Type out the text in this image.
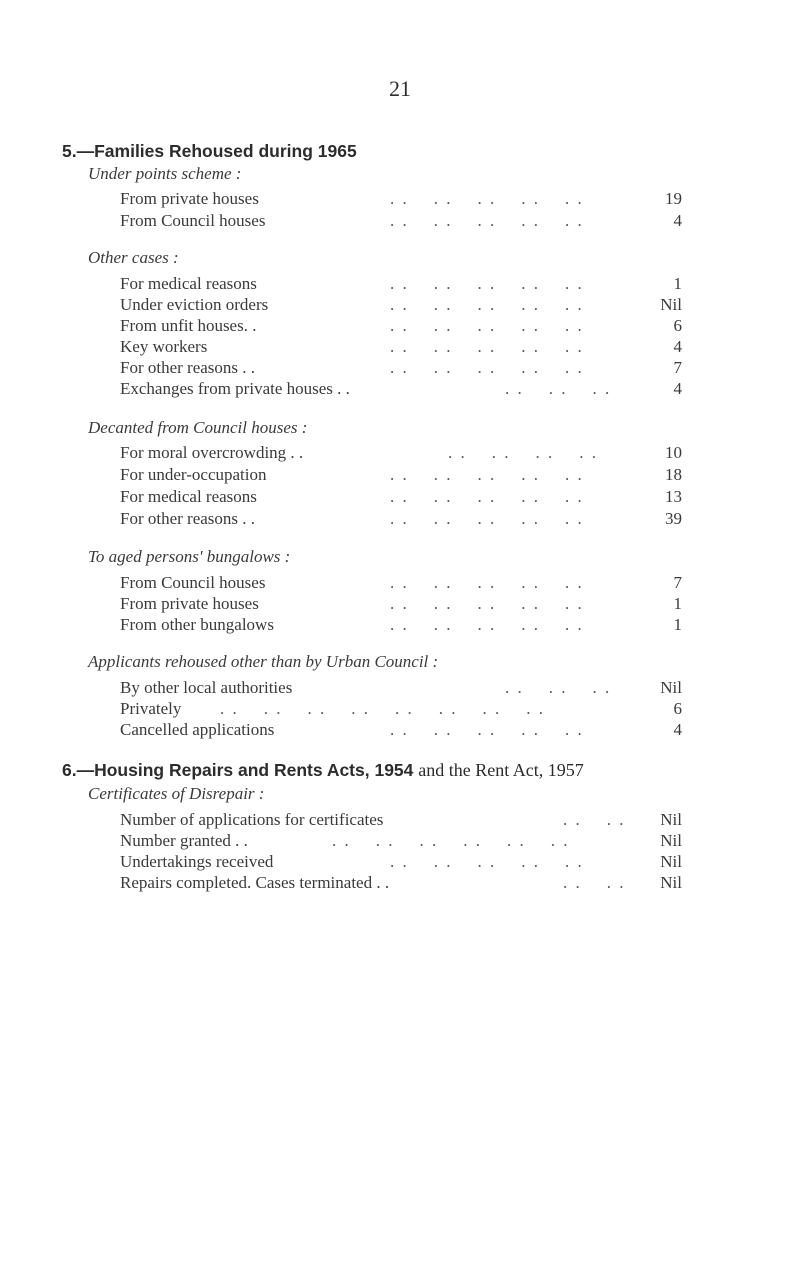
21
5.—Families Rehoused during 1965
Under points scheme :
From private houses	. .    . .    . .    . .    . .	19
From Council houses	. .    . .    . .    . .    . .	4
Other cases :
For medical reasons	. .    . .    . .    . .    . .	1
Under eviction orders	. .    . .    . .    . .    . .	Nil
From unfit houses. .	. .    . .    . .    . .    . .	6
Key workers	. .    . .    . .    . .    . .	4
For other reasons . .	. .    . .    . .    . .    . .	7
Exchanges from private houses . .	. .    . .    . .	4
Decanted from Council houses :
For moral overcrowding . .	. .    . .    . .    . .	10
For under-occupation	. .    . .    . .    . .    . .	18
For medical reasons	. .    . .    . .    . .    . .	13
For other reasons . .	. .    . .    . .    . .    . .	39
To aged persons' bungalows :
From Council houses	. .    . .    . .    . .    . .	7
From private houses	. .    . .    . .    . .    . .	1
From other bungalows	. .    . .    . .    . .    . .	1
Applicants rehoused other than by Urban Council :
By other local authorities	. .    . .    . .	Nil
Privately . .    . .    . .    . .    . .    . .    . .    . .	6
Cancelled applications	. .    . .    . .    . .    . .	4
6.—Housing Repairs and Rents Acts, 1954 and the Rent Act, 1957
Certificates of Disrepair :
Number of applications for certificates	. .    . . Nil
Number granted . .	. .    . .    . .    . .    . .    . .	Nil
Undertakings received	. .    . .    . .    . .    . .	Nil
Repairs completed. Cases terminated . .	. .    . . Nil
